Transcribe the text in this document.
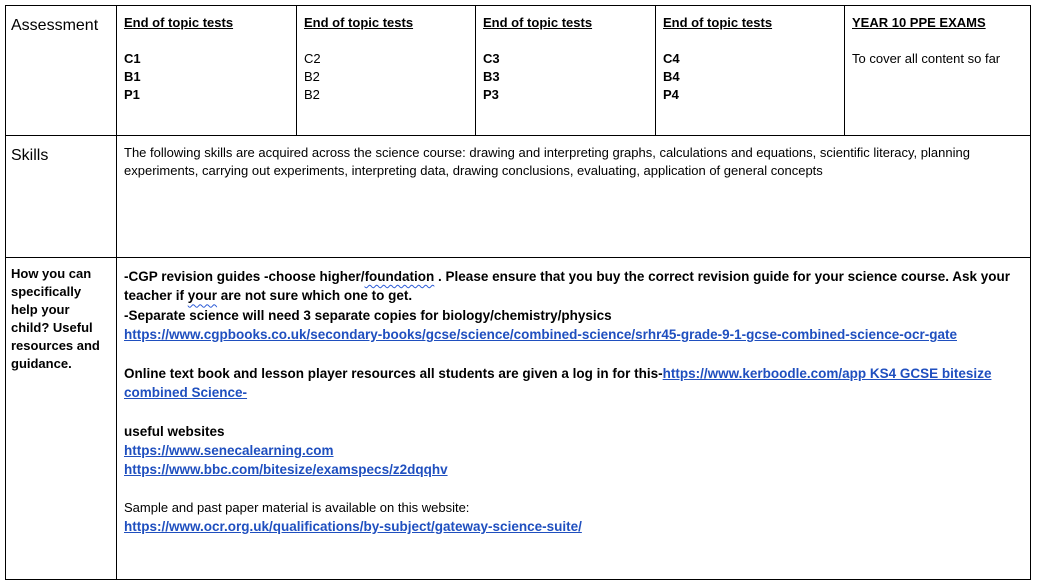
Assessment End of topic tests
C1
B1
P1
End of topic tests
C2
B2
B2
End of topic tests
C3
B3
P3
End of topic tests
C4
B4
P4
YEAR 10 PPE EXAMS
To cover all content so far
Skills	The following skills are acquired across the science course: drawing and interpreting graphs, calculations and equations, scientific literacy, planning experiments, carrying out experiments, interpreting data, drawing conclusions, evaluating, application of general concepts
How you can specifically help your child? Useful resources and guidance.
-CGP revision guides -choose higher/foundation . Please ensure that you buy the correct revision guide for your science course. Ask your teacher if your are not sure which one to get.
-Separate science will need 3 separate copies for biology/chemistry/physics
https://www.cgpbooks.co.uk/secondary-books/gcse/science/combined-science/srhr45-grade-9-1-gcse-combined-science-ocr-gate
Online text book and lesson player resources all students are given a log in for this-https://www.kerboodle.com/app KS4 GCSE bitesize combined Science-
useful websites
https://www.senecalearning.com
https://www.bbc.com/bitesize/examspecs/z2dqqhv
Sample and past paper material is available on this website:
https://www.ocr.org.uk/qualifications/by-subject/gateway-science-suite/
